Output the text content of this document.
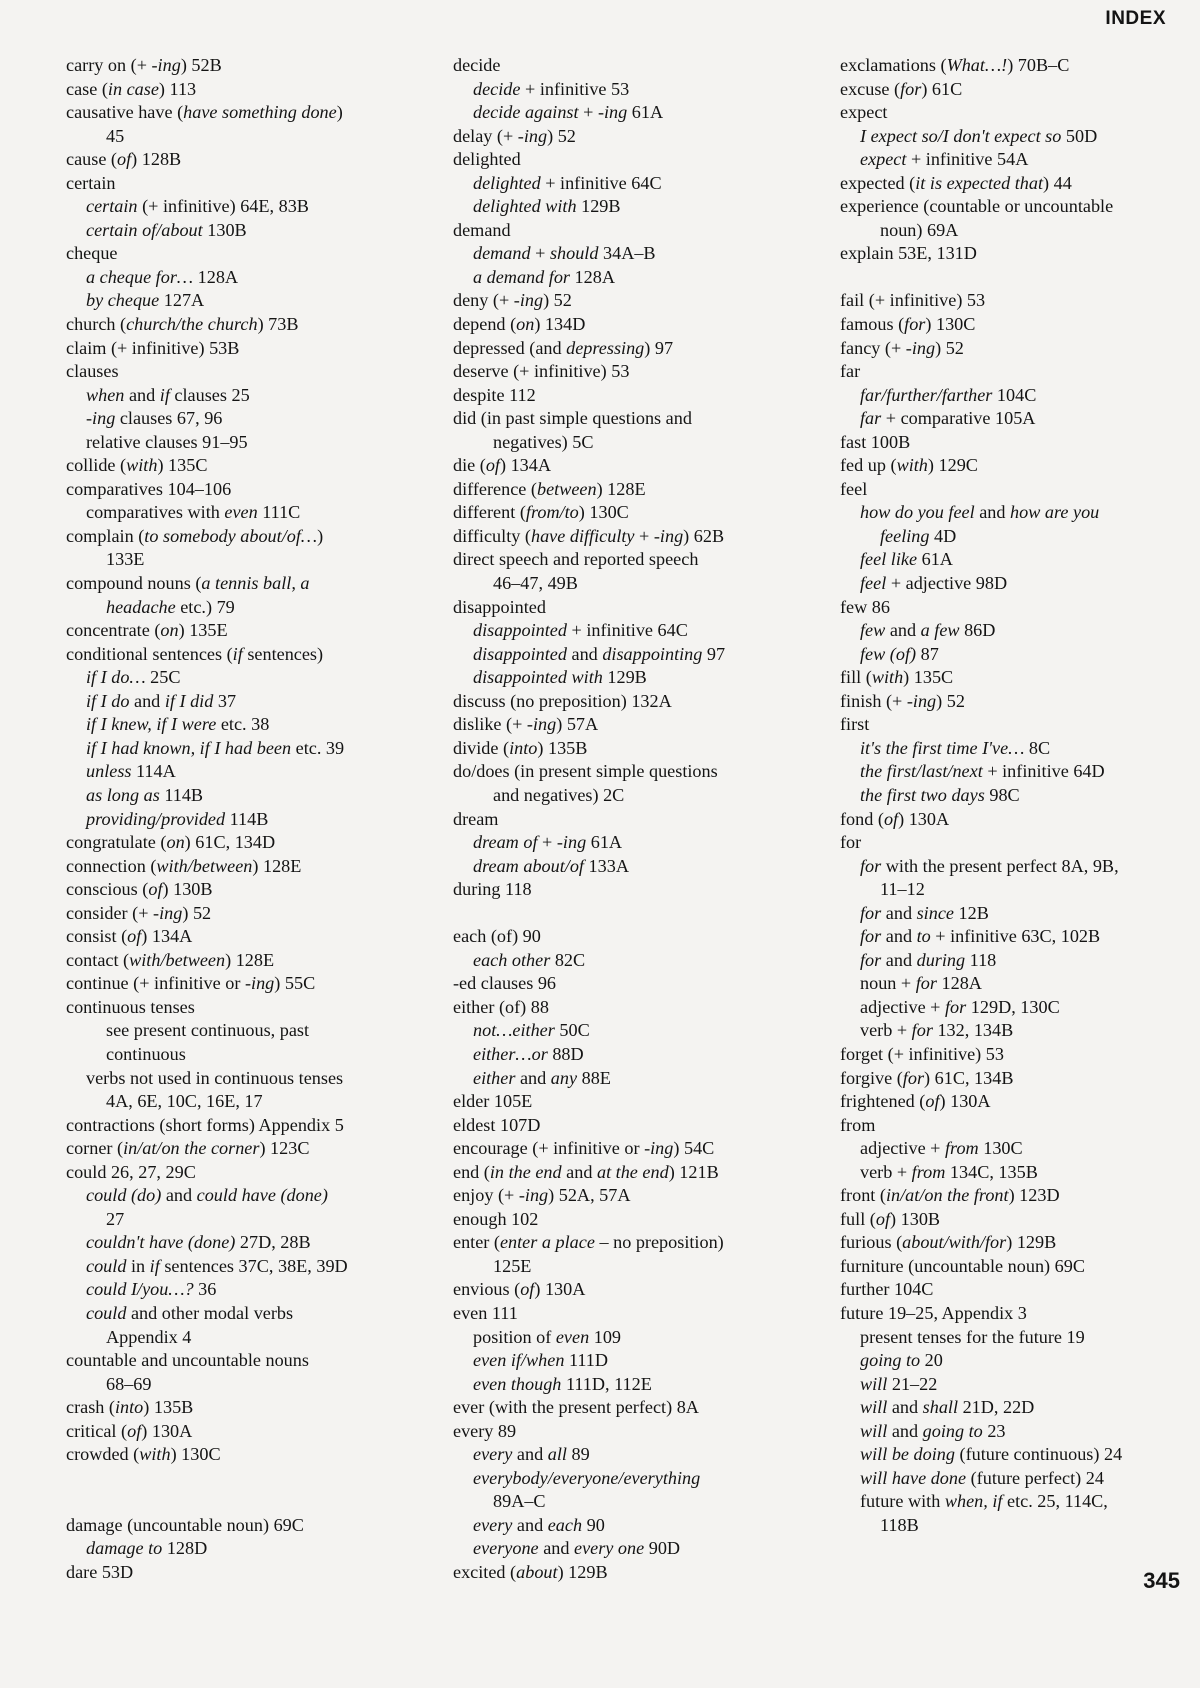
INDEX
carry on (+ -ing) 52B
case (in case) 113
causative have (have something done)
45
cause (of) 128B
certain
certain (+ infinitive) 64E, 83B
certain of/about 130B
cheque
a cheque for… 128A
by cheque 127A
church (church/the church) 73B
claim (+ infinitive) 53B
clauses
when and if clauses 25
-ing clauses 67, 96
relative clauses 91–95
collide (with) 135C
comparatives 104–106
comparatives with even 111C
complain (to somebody about/of…)
133E
compound nouns (a tennis ball, a
headache etc.) 79
concentrate (on) 135E
conditional sentences (if sentences)
if I do… 25C
if I do and if I did 37
if I knew, if I were etc. 38
if I had known, if I had been etc. 39
unless 114A
as long as 114B
providing/provided 114B
congratulate (on) 61C, 134D
connection (with/between) 128E
conscious (of) 130B
consider (+ -ing) 52
consist (of) 134A
contact (with/between) 128E
continue (+ infinitive or -ing) 55C
continuous tenses
see present continuous, past
continuous
verbs not used in continuous tenses
4A, 6E, 10C, 16E, 17
contractions (short forms) Appendix 5
corner (in/at/on the corner) 123C
could 26, 27, 29C
could (do) and could have (done)
27
couldn't have (done) 27D, 28B
could in if sentences 37C, 38E, 39D
could I/you…? 36
could and other modal verbs
Appendix 4
countable and uncountable nouns
68–69
crash (into) 135B
critical (of) 130A
crowded (with) 130C
damage (uncountable noun) 69C
damage to 128D
dare 53D
decide
decide + infinitive 53
decide against + -ing 61A
delay (+ -ing) 52
delighted
delighted + infinitive 64C
delighted with 129B
demand
demand + should 34A–B
a demand for 128A
deny (+ -ing) 52
depend (on) 134D
depressed (and depressing) 97
deserve (+ infinitive) 53
despite 112
did (in past simple questions and
negatives) 5C
die (of) 134A
difference (between) 128E
different (from/to) 130C
difficulty (have difficulty + -ing) 62B
direct speech and reported speech
46–47, 49B
disappointed
disappointed + infinitive 64C
disappointed and disappointing 97
disappointed with 129B
discuss (no preposition) 132A
dislike (+ -ing) 57A
divide (into) 135B
do/does (in present simple questions
and negatives) 2C
dream
dream of + -ing 61A
dream about/of 133A
during 118
each (of) 90
each other 82C
-ed clauses 96
either (of) 88
not…either 50C
either…or 88D
either and any 88E
elder 105E
eldest 107D
encourage (+ infinitive or -ing) 54C
end (in the end and at the end) 121B
enjoy (+ -ing) 52A, 57A
enough 102
enter (enter a place – no preposition)
125E
envious (of) 130A
even 111
position of even 109
even if/when 111D
even though 111D, 112E
ever (with the present perfect) 8A
every 89
every and all 89
everybody/everyone/everything
89A–C
every and each 90
everyone and every one 90D
excited (about) 129B
exclamations (What…!) 70B–C
excuse (for) 61C
expect
I expect so/I don't expect so 50D
expect + infinitive 54A
expected (it is expected that) 44
experience (countable or uncountable
noun) 69A
explain 53E, 131D
fail (+ infinitive) 53
famous (for) 130C
fancy (+ -ing) 52
far
far/further/farther 104C
far + comparative 105A
fast 100B
fed up (with) 129C
feel
how do you feel and how are you
feeling 4D
feel like 61A
feel + adjective 98D
few 86
few and a few 86D
few (of) 87
fill (with) 135C
finish (+ -ing) 52
first
it's the first time I've… 8C
the first/last/next + infinitive 64D
the first two days 98C
fond (of) 130A
for
for with the present perfect 8A, 9B,
11–12
for and since 12B
for and to + infinitive 63C, 102B
for and during 118
noun + for 128A
adjective + for 129D, 130C
verb + for 132, 134B
forget (+ infinitive) 53
forgive (for) 61C, 134B
frightened (of) 130A
from
adjective + from 130C
verb + from 134C, 135B
front (in/at/on the front) 123D
full (of) 130B
furious (about/with/for) 129B
furniture (uncountable noun) 69C
further 104C
future 19–25, Appendix 3
present tenses for the future 19
going to 20
will 21–22
will and shall 21D, 22D
will and going to 23
will be doing (future continuous) 24
will have done (future perfect) 24
future with when, if etc. 25, 114C,
118B
345
